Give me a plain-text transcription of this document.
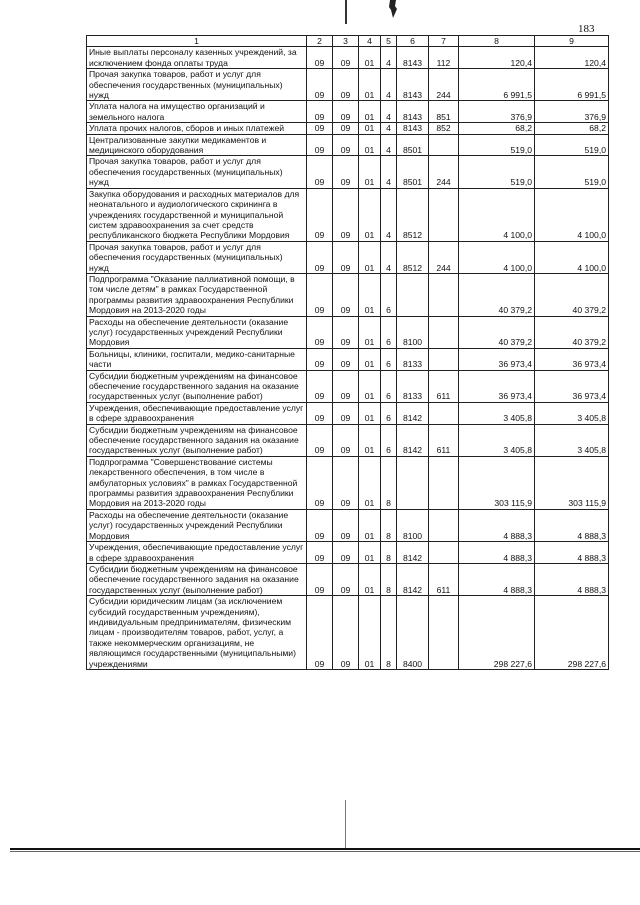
183
1	2	3	4	5	6	7	8	9
Иные выплаты персоналу казенных учреждений, за исключением фонда оплаты труда	09	09	01	4	8143	112	120,4	120,4
Прочая закупка товаров, работ и услуг для обеспечения государственных (муниципальных) нужд	09	09	01	4	8143	244	6 991,5	6 991,5
Уплата налога на имущество организаций и земельного налога	09	09	01	4	8143	851	376,9	376,9
Уплата прочих налогов, сборов и иных платежей	09	09	01	4	8143	852	68,2	68,2
Централизованные закупки медикаментов и медицинского оборудования	09	09	01	4	8501		519,0	519,0
Прочая закупка товаров, работ и услуг для обеспечения государственных (муниципальных) нужд	09	09	01	4	8501	244	519,0	519,0
Закупка оборудования и расходных материалов для неонатального и аудиологического скрининга в учреждениях государственной и муниципальной систем здравоохранения за счет средств республиканского бюджета Республики Мордовия	09	09	01	4	8512		4 100,0	4 100,0
Прочая закупка товаров, работ и услуг для обеспечения государственных (муниципальных) нужд	09	09	01	4	8512	244	4 100,0	4 100,0
Подпрограмма "Оказание паллиативной помощи, в том числе детям" в рамках Государственной программы развития здравоохранения Республики Мордовия на 2013-2020 годы	09	09	01	6			40 379,2	40 379,2
Расходы на обеспечение деятельности (оказание услуг) государственных учреждений Республики Мордовия	09	09	01	6	8100		40 379,2	40 379,2
Больницы, клиники, госпитали, медико-санитарные части	09	09	01	6	8133		36 973,4	36 973,4
Субсидии бюджетным учреждениям на финансовое обеспечение государственного задания на оказание государственных услуг (выполнение работ)	09	09	01	6	8133	611	36 973,4	36 973,4
Учреждения, обеспечивающие предоставление услуг в сфере здравоохранения	09	09	01	6	8142		3 405,8	3 405,8
Субсидии бюджетным учреждениям на финансовое обеспечение государственного задания на оказание государственных услуг (выполнение работ)	09	09	01	6	8142	611	3 405,8	3 405,8
Подпрограмма "Совершенствование системы лекарственного обеспечения, в том числе в амбулаторных условиях" в рамках Государственной программы развития здравоохранения Республики Мордовия на 2013-2020 годы	09	09	01	8			303 115,9	303 115,9
Расходы на обеспечение деятельности (оказание услуг) государственных учреждений Республики Мордовия	09	09	01	8	8100		4 888,3	4 888,3
Учреждения, обеспечивающие предоставление услуг в сфере здравоохранения	09	09	01	8	8142		4 888,3	4 888,3
Субсидии бюджетным учреждениям на финансовое обеспечение государственного задания на оказание государственных услуг (выполнение работ)	09	09	01	8	8142	611	4 888,3	4 888,3
Субсидии юридическим лицам (за исключением субсидий государственным учреждениям), индивидуальным предпринимателям, физическим лицам - производителям товаров, работ, услуг, а также некоммерческим организациям, не являющимся государственными (муниципальными) учреждениями	09	09	01	8	8400		298 227,6	298 227,6
